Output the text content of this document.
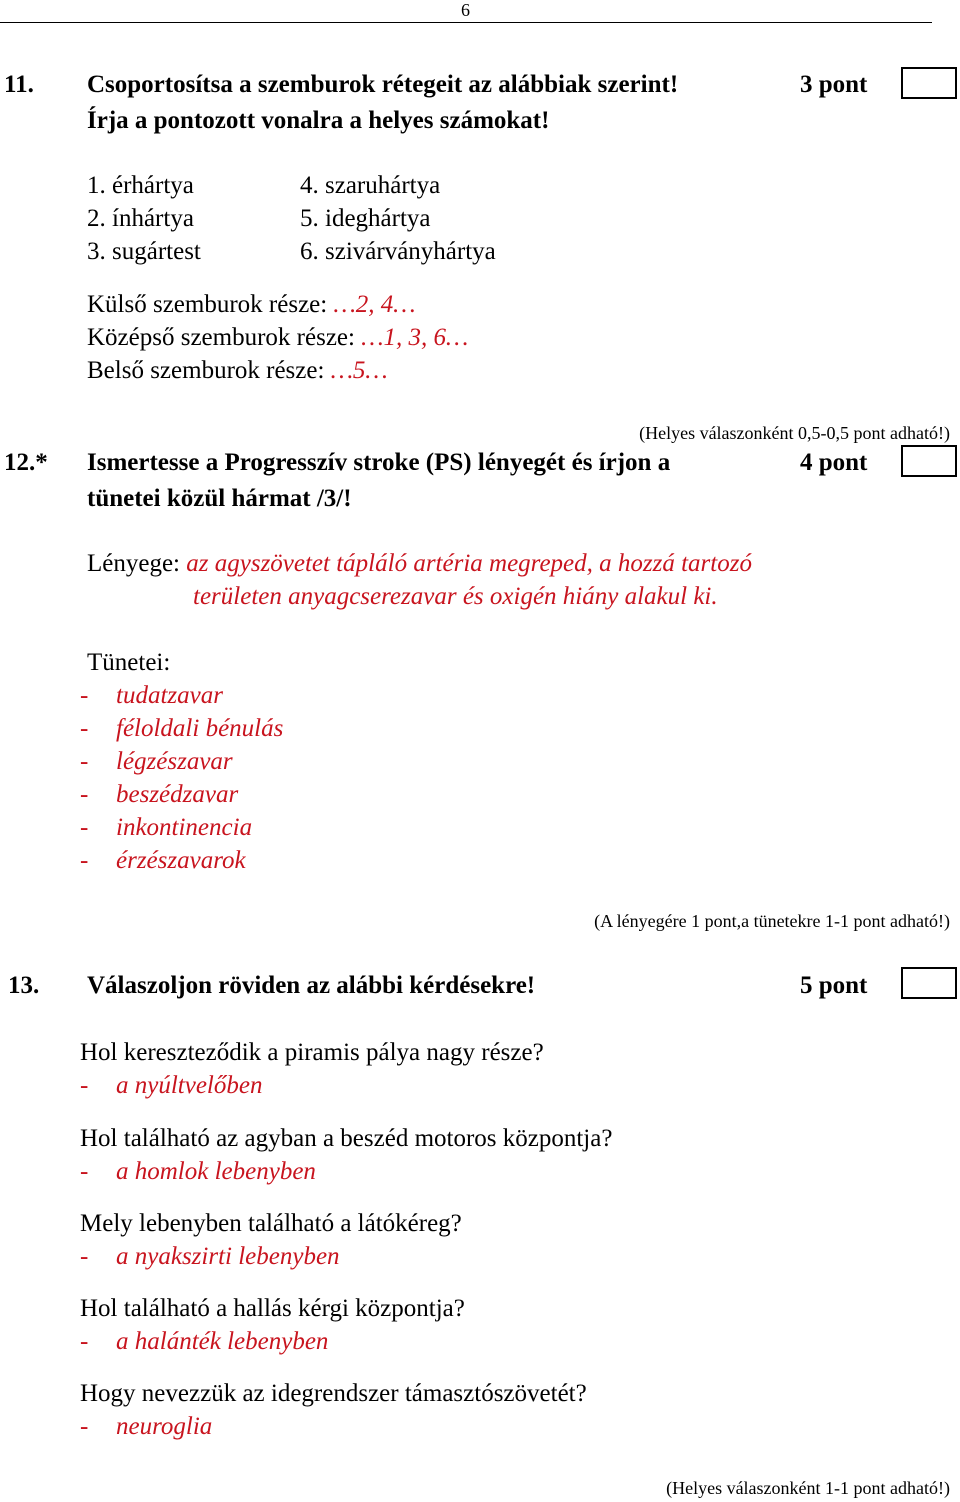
6
11. Csoportosítsa a szemburok rétegeit az alábbiak szerint!
Írja a pontozott vonalra a helyes számokat!
3 pont
1. érhártya
2. ínhártya
3. sugártest
4. szaruhártya
5. ideghártya
6. szivárványhártya
Külső szemburok része: …2, 4…
Középső szemburok része: …1, 3, 6…
Belső szemburok része: …5…
(Helyes válaszonként 0,5-0,5 pont adható!)
12.* Ismertesse a Progresszív stroke (PS) lényegét és írjon a
tünetei közül hármat /3/!
4 pont
Lényege: az agyszövetet tápláló artéria megreped, a hozzá tartozó
területen anyagcserezavar és oxigén hiány alakul ki.
Tünetei:
- tudatzavar
- féloldali bénulás
- légzészavar
- beszédzavar
- inkontinencia
- érzészavarok
(A lényegére 1 pont,a tünetekre 1-1 pont adható!)
13. Válaszoljon röviden az alábbi kérdésekre!	5 pont
Hol kereszteződik a piramis pálya nagy része?
- a nyúltvelőben
Hol található az agyban a beszéd motoros központja?
- a homlok lebenyben
Mely lebenyben található a látókéreg?
- a nyakszirti lebenyben
Hol található a hallás kérgi központja?
- a halánték lebenyben
Hogy nevezzük az idegrendszer támasztószövetét?
- neuroglia
(Helyes válaszonként 1-1 pont adható!)
